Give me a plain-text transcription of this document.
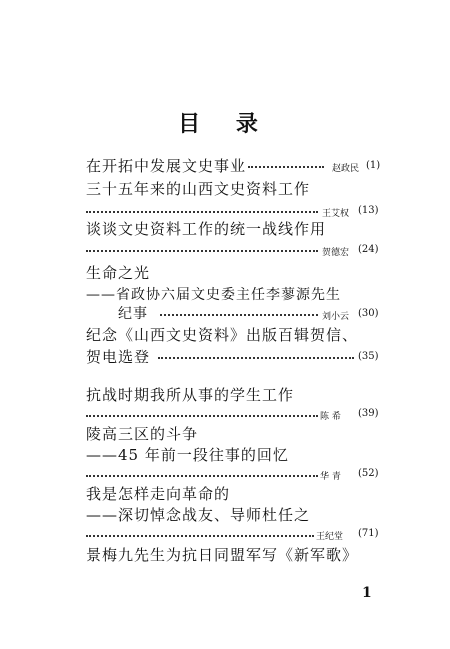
目 录
在开拓中发展文史事业	赵政民 (1)
三十五年来的山西文史资料工作
王艾权 (13)
谈谈文史资料工作的统一战线作用
贺德宏 (24)
生命之光
——省政协六届文史委主任李蓼源先生
纪事	刘小云 (30)
纪念《山西文史资料》出版百辑贺信、
贺电选登	(35)
抗战时期我所从事的学生工作
陈 希 (39)
陵高三区的斗争
——45 年前一段往事的回忆
华 青 (52)
我是怎样走向革命的
——深切悼念战友、导师杜任之
王纪堂 (71)
景梅九先生为抗日同盟军写《新军歌》
1
